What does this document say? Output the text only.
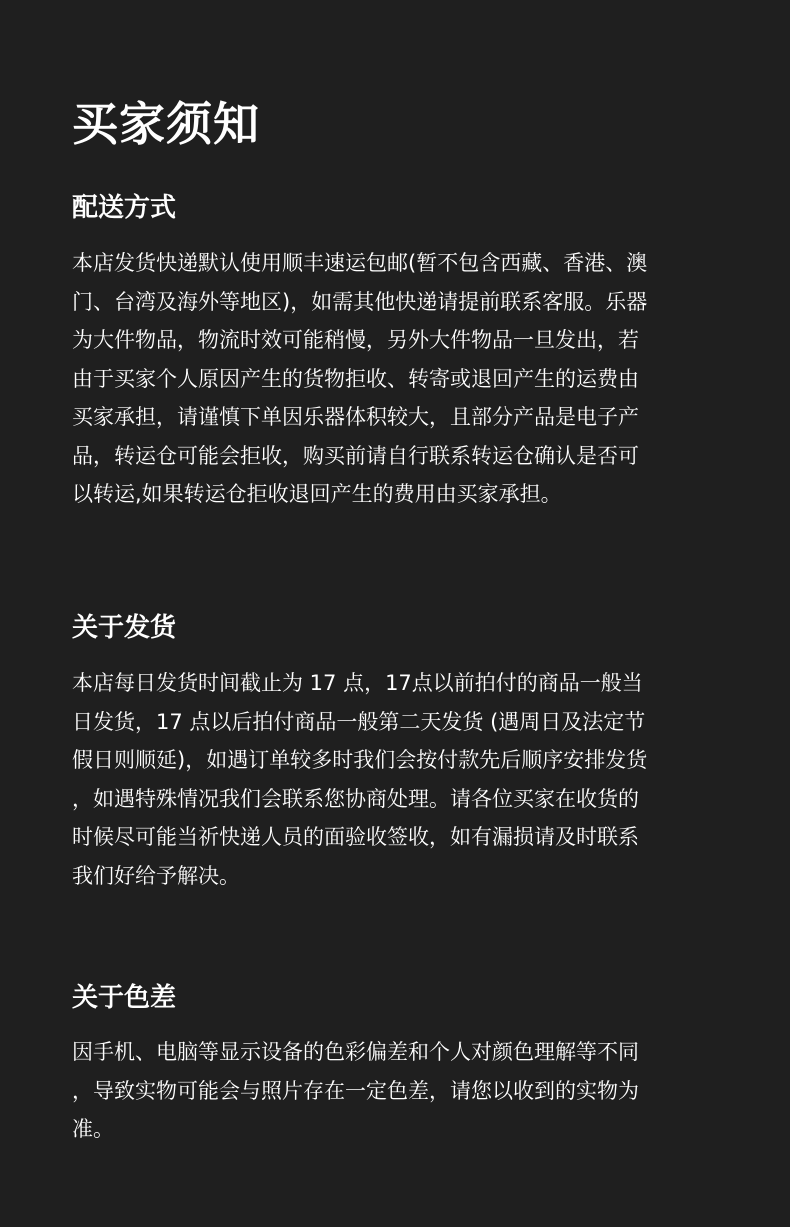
买家须知
配送方式
本店发货快递默认使用顺丰速运包邮(暂不包含西藏、香港、澳
门、台湾及海外等地区)，如需其他快递请提前联系客服。乐器
为大件物品，物流时效可能稍慢，另外大件物品一旦发出，若
由于买家个人原因产生的货物拒收、转寄或退回产生的运费由
买家承担，请谨慎下单因乐器体积较大，且部分产品是电子产
品，转运仓可能会拒收，购买前请自行联系转运仓确认是否可
以转运,如果转运仓拒收退回产生的费用由买家承担。
关于发货
本店每日发货时间截止为 17 点，17点以前拍付的商品一般当
日发货，17 点以后拍付商品一般第二天发货 (遇周日及法定节
假日则顺延)，如遇订单较多时我们会按付款先后顺序安排发货
，如遇特殊情况我们会联系您协商处理。请各位买家在收货的
时候尽可能当祈快递人员的面验收签收，如有漏损请及时联系
我们好给予解决。
关于色差
因手机、电脑等显示设备的色彩偏差和个人对颜色理解等不同
，导致实物可能会与照片存在一定色差，请您以收到的实物为
准。
